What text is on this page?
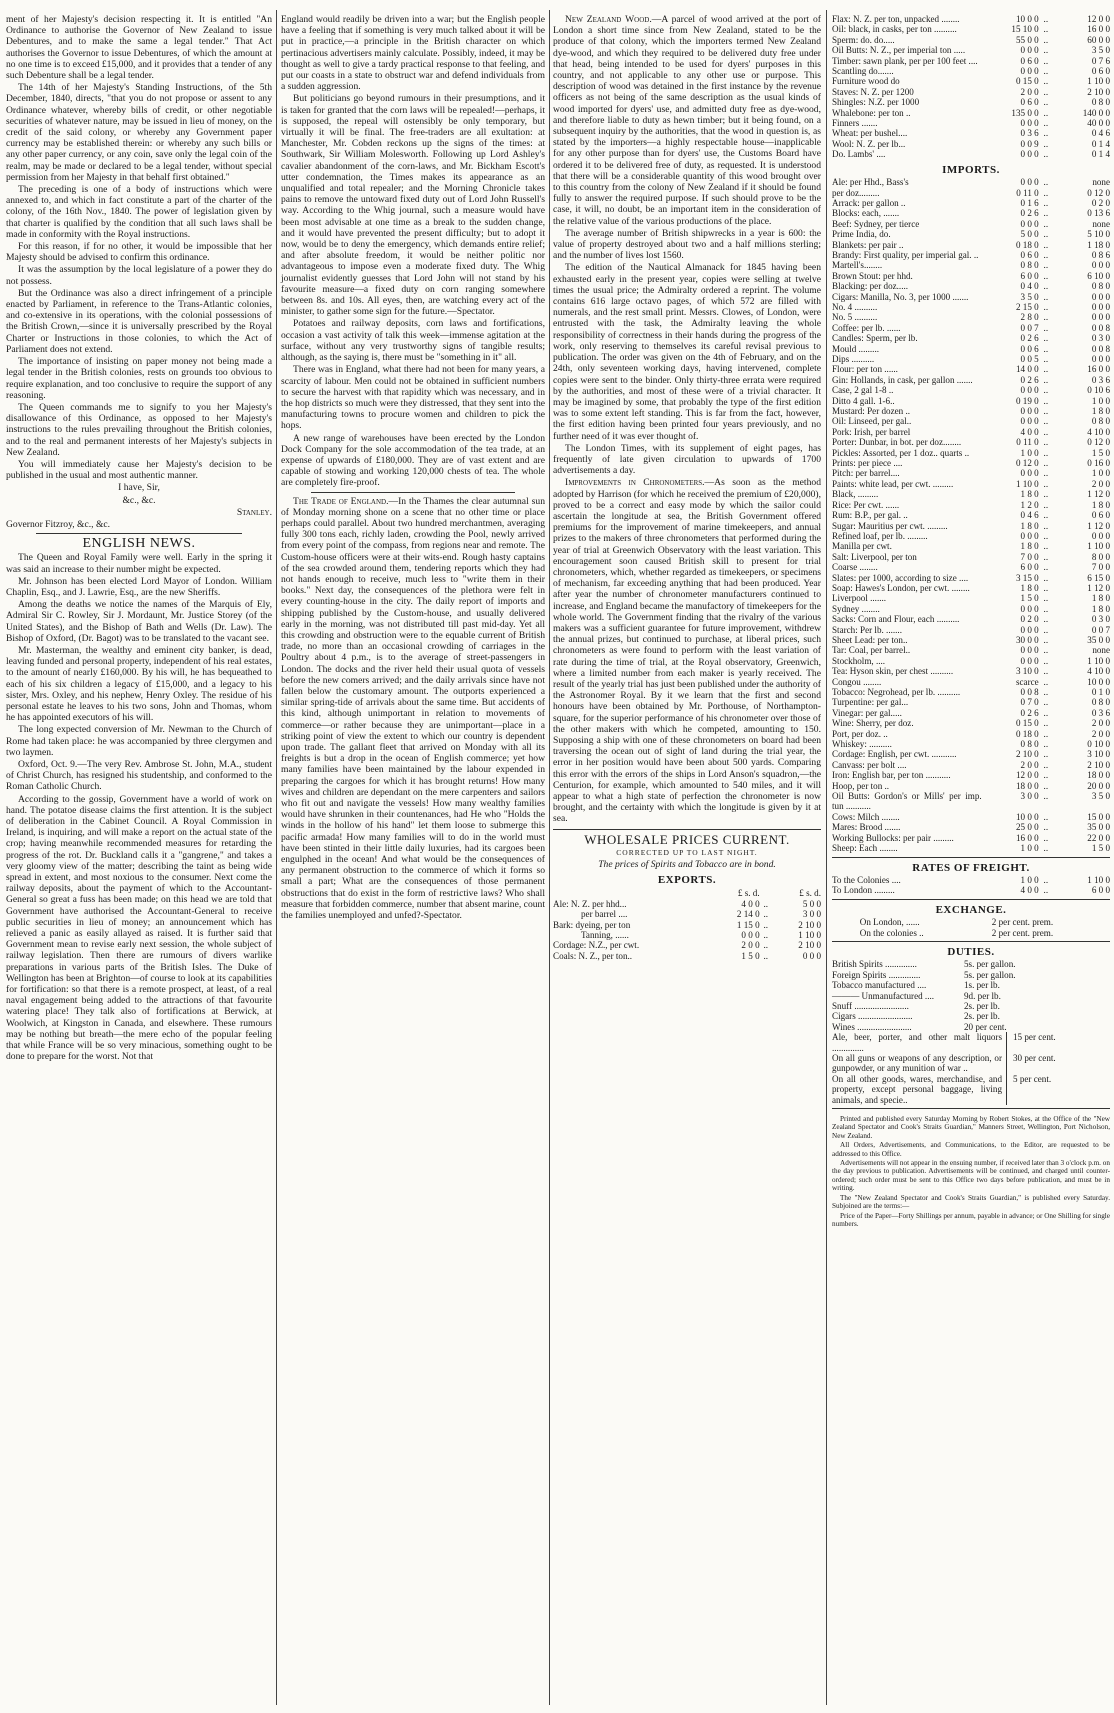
ment of her Majesty's decision respecting it. It is entitled "An Ordinance to authorise the Governor of New Zealand to issue Debentures, and to make the same a legal tender." That Act authorises the Governor to issue Debentures, of which the amount at no one time is to exceed £15,000, and it provides that a tender of any such Debenture shall be a legal tender.

The 14th of her Majesty's Standing Instructions, of the 5th December, 1840, directs, "that you do not propose or assent to any Ordinance whatever, whereby bills of credit, or other negotiable securities of whatever nature, may be issued in lieu of money, on the credit of the said colony, or whereby any Government paper currency may be established therein: or whereby any such bills or any other paper currency, or any coin, save only the legal coin of the realm, may be made or declared to be a legal tender, without special permission from her Majesty in that behalf first obtained."

The preceding is one of a body of instructions which were annexed to, and which in fact constitute a part of the charter of the colony, of the 16th Nov., 1840. The power of legislation given by that charter is qualified by the condition that all such laws shall be made in conformity with the Royal instructions.

For this reason, if for no other, it would be impossible that her Majesty should be advised to confirm this ordinance.

It was the assumption by the local legislature of a power they do not possess.

But the Ordinance was also a direct infringement of a principle enacted by Parliament, in reference to the Trans-Atlantic colonies, and co-extensive in its operations, with the colonial possessions of the British Crown,—since it is universally prescribed by the Royal Charter or Instructions in those colonies, to which the Act of Parliament does not extend.

The importance of insisting on paper money not being made a legal tender in the British colonies, rests on grounds too obvious to require explanation, and too conclusive to require the support of any reasoning.

The Queen commands me to signify to you her Majesty's disallowance of this Ordinance, as opposed to her Majesty's instructions to the rules prevailing throughout the British colonies, and to the real and permanent interests of her Majesty's subjects in New Zealand.

You will immediately cause her Majesty's decision to be published in the usual and most authentic manner.

I have, Sir,

&c., &c.

Stanley.

Governor Fitzroy, &c., &c.

ENGLISH NEWS.

The Queen and Royal Family were well. Early in the spring it was said an increase to their number might be expected.

Mr. Johnson has been elected Lord Mayor of London. William Chaplin, Esq., and J. Lawrie, Esq., are the new Sheriffs.

Among the deaths we notice the names of the Marquis of Ely, Admiral Sir C. Rowley, Sir J. Mordaunt, Mr. Justice Storey (of the United States), and the Bishop of Bath and Wells (Dr. Law). The Bishop of Oxford, (Dr. Bagot) was to be translated to the vacant see.

Mr. Masterman, the wealthy and eminent city banker, is dead, leaving funded and personal property, independent of his real estates, to the amount of nearly £160,000. By his will, he has bequeathed to each of his six children a legacy of £15,000, and a legacy to his sister, Mrs. Oxley, and his nephew, Henry Oxley. The residue of his personal estate he leaves to his two sons, John and Thomas, whom he has appointed executors of his will.

The long expected conversion of Mr. Newman to the Church of Rome had taken place: he was accompanied by three clergymen and two laymen.

Oxford, Oct. 9.—The very Rev. Ambrose St. John, M.A., student of Christ Church, has resigned his studentship, and conformed to the Roman Catholic Church.

According to the gossip, Government have a world of work on hand. The potatoe disease claims the first attention. It is the subject of deliberation in the Cabinet Council. A Royal Commission in Ireland, is inquiring, and will make a report on the actual state of the crop; having meanwhile recommended measures for retarding the progress of the rot. Dr. Buckland calls it a "gangrene," and takes a very gloomy view of the matter; describing the taint as being wide spread in extent, and most noxious to the consumer. Next come the railway deposits, about the payment of which to the Accountant-General so great a fuss has been made; on this head we are told that Government have authorised the Accountant-General to receive public securities in lieu of money; an announcement which has relieved a panic as easily allayed as raised. It is further said that Government mean to revise early next session, the whole subject of railway legislation. Then there are rumours of divers warlike preparations in various parts of the British Isles. The Duke of Wellington has been at Brighton—of course to look at its capabilities for fortification: so that there is a remote prospect, at least, of a real naval engagement being added to the attractions of that favourite watering place! They talk also of fortifications at Berwick, at Woolwich, at Kingston in Canada, and elsewhere. These rumours may be nothing but breath—the mere echo of the popular feeling that while France will be so very minacious, something ought to be done to prepare for the worst. Not that

England would readily be driven into a war; but the English people have a feeling that if something is very much talked about it will be put in practice,—a principle in the British character on which pertinacious advertisers mainly calculate. Possibly, indeed, it may be thought as well to give a tardy practical response to that feeling, and put our coasts in a state to obstruct war and defend individuals from a sudden aggression.

But politicians go beyond rumours in their presumptions, and it is taken for granted that the corn laws will be repealed!—perhaps, it is supposed, the repeal will ostensibly be only temporary, but virtually it will be final. The free-traders are all exultation: at Manchester, Mr. Cobden reckons up the signs of the times: at Southwark, Sir William Molesworth. Following up Lord Ashley's cavalier abandonment of the corn-laws, and Mr. Bickham Escott's utter condemnation, the Times makes its appearance as an unqualified and total repealer; and the Morning Chronicle takes pains to remove the untoward fixed duty out of Lord John Russell's way. According to the Whig journal, such a measure would have been most advisable at one time as a break to the sudden change, and it would have prevented the present difficulty; but to adopt it now, would be to deny the emergency, which demands entire relief; and after absolute freedom, it would be neither politic nor advantageous to impose even a moderate fixed duty. The Whig journalist evidently guesses that Lord John will not stand by his favourite measure—a fixed duty on corn ranging somewhere between 8s. and 10s. All eyes, then, are watching every act of the minister, to gather some sign for the future.—Spectator.

Potatoes and railway deposits, corn laws and fortifications, occasion a vast activity of talk this week—immense agitation at the surface, without any very trustworthy signs of tangible results; although, as the saying is, there must be "something in it" all.

There was in England, what there had not been for many years, a scarcity of labour. Men could not be obtained in sufficient numbers to secure the harvest with that rapidity which was necessary, and in the hop districts so much were they distressed, that they sent into the manufacturing towns to procure women and children to pick the hops.

A new range of warehouses have been erected by the London Dock Company for the sole accommodation of the tea trade, at an expense of upwards of £180,000. They are of vast extent and are capable of stowing and working 120,000 chests of tea. The whole are completely fire-proof.

The Trade of England.—In the Thames the clear autumnal sun of Monday morning shone on a scene that no other time or place perhaps could parallel. About two hundred merchantmen, averaging fully 300 tons each, richly laden, crowding the Pool, newly arrived from every point of the compass, from regions near and remote. The Custom-house officers were at their wits-end. Rough hasty captains of the sea crowded around them, tendering reports which they had not hands enough to receive, much less to "write them in their books." Next day, the consequences of the plethora were felt in every counting-house in the city. The daily report of imports and shipping published by the Custom-house, and usually delivered early in the morning, was not distributed till past mid-day. Yet all this crowding and obstruction were to the equable current of British trade, no more than an occasional crowding of carriages in the Poultry about 4 p.m., is to the average of street-passengers in London. The docks and the river held their usual quota of vessels before the new comers arrived; and the daily arrivals since have not fallen below the customary amount. The outports experienced a similar spring-tide of arrivals about the same time. But accidents of this kind, although unimportant in relation to movements of commerce—or rather because they are unimportant—place in a striking point of view the extent to which our country is dependent upon trade. The gallant fleet that arrived on Monday with all its freights is but a drop in the ocean of English commerce; yet how many families have been maintained by the labour expended in preparing the cargoes for which it has brought returns! How many wives and children are dependant on the mere carpenters and sailors who fit out and navigate the vessels! How many wealthy families would have shrunken in their countenances, had He who "Holds the winds in the hollow of his hand" let them loose to submerge this pacific armada! How many families will to do in the world must have been stinted in their little daily luxuries, had its cargoes been engulphed in the ocean! And what would be the consequences of any permanent obstruction to the commerce of which it forms so small a part; What are the consequences of those permanent obstructions that do exist in the form of restrictive laws? Who shall measure that forbidden commerce, number that absent marine, count the families unemployed and unfed?-Spectator.

New Zealand Wood.—A parcel of wood arrived at the port of London a short time since from New Zealand, stated to be the produce of that colony, which the importers termed New Zealand dye-wood, and which they required to be delivered duty free under that head, being intended to be used for dyers' purposes in this country, and not applicable to any other use or purpose. This description of wood was detained in the first instance by the revenue officers as not being of the same description as the usual kinds of wood imported for dyers' use, and admitted duty free as dye-wood, and therefore liable to duty as hewn timber; but it being found, on a subsequent inquiry by the authorities, that the wood in question is, as stated by the importers—a highly respectable house—inapplicable for any other purpose than for dyers' use, the Customs Board have ordered it to be delivered free of duty, as requested. It is understood that there will be a considerable quantity of this wood brought over to this country from the colony of New Zealand if it should be found fully to answer the required purpose. If such should prove to be the case, it will, no doubt, be an important item in the consideration of the relative value of the various productions of the place.

The average number of British shipwrecks in a year is 600: the value of property destroyed about two and a half millions sterling; and the number of lives lost 1560.

The edition of the Nautical Almanack for 1845 having been exhausted early in the present year, copies were selling at twelve times the usual price; the Admiralty ordered a reprint. The volume contains 616 large octavo pages, of which 572 are filled with numerals, and the rest small print. Messrs. Clowes, of London, were entrusted with the task, the Admiralty leaving the whole responsibility of correctness in their hands during the progress of the work, only reserving to themselves its careful revisal previous to publication. The order was given on the 4th of February, and on the 24th, only seventeen working days, having intervened, complete copies were sent to the binder. Only thirty-three errata were required by the authorities, and most of these were of a trivial character. It may be imagined by some, that probably the type of the first edition was to some extent left standing. This is far from the fact, however, the first edition having been printed four years previously, and no further need of it was ever thought of.

The London Times, with its supplement of eight pages, has frequently of late given circulation to upwards of 1700 advertisements a day.

Improvements in Chronometers.—As soon as the method adopted by Harrison (for which he received the premium of £20,000), proved to be a correct and easy mode by which the sailor could ascertain the longitude at sea, the British Government offered premiums for the improvement of marine timekeepers, and annual prizes to the makers of three chronometers that performed during the year of trial at Greenwich Observatory with the least variation. This encouragement soon caused British skill to present for trial chronometers, which, whether regarded as timekeepers, or specimens of mechanism, far exceeding anything that had been produced. Year after year the number of chronometer manufacturers continued to increase, and England became the manufactory of timekeepers for the whole world. The Government finding that the rivalry of the various makers was a sufficient guarantee for future improvement, withdrew the annual prizes, but continued to purchase, at liberal prices, such chronometers as were found to perform with the least variation of rate during the time of trial, at the Royal observatory, Greenwich, where a limited number from each maker is yearly received. The result of the yearly trial has just been published under the authority of the Astronomer Royal. By it we learn that the first and second honours have been obtained by Mr. Porthouse, of Northampton-square, for the superior performance of his chronometer over those of the other makers with which he competed, amounting to 150. Supposing a ship with one of these chronometers on board had been traversing the ocean out of sight of land during the trial year, the error in her position would have been about 500 yards. Comparing this error with the errors of the ships in Lord Anson's squadron,—the Centurion, for example, which amounted to 540 miles, and it will appear to what a high state of perfection the chronometer is now brought, and the certainty with which the longitude is given by it at sea.

WHOLESALE PRICES CURRENT.
CORRECTED UP TO LAST NIGHT.
The prices of Spirits and Tobacco are in bond.
EXPORTS.
	£ s. d.		£ s. d.
Ale: N. Z. per hhd...	4 0 0	..	5 0 0
per barrel ....	2 14 0	..	3 0 0
Bark: dyeing, per ton	1 15 0	..	2 10 0
Tanning, ......	0 0 0	..	1 10 0
Cordage: N.Z., per cwt.	2 0 0	..	2 10 0
Coals: N. Z., per ton..	1 5 0	..	0 0 0
Flax: N. Z. per ton, unpacked ........	10 0 0	..	12 0 0
Oil: black, in casks, per ton ..........	15 10 0	..	16 0 0
Sperm: do. do.....	55 0 0	..	60 0 0
Oil Butts: N. Z., per imperial ton .....	0 0 0	..	3 5 0
Timber: sawn plank, per per 100 feet ....	0 6 0	..	0 7 6
Scantling do.......	0 0 0	..	0 6 0
Furniture wood do	0 15 0	..	1 10 0
Staves: N. Z. per 1200	2 0 0	..	2 10 0
Shingles: N.Z. per 1000	0 6 0	..	0 8 0
Whalebone: per ton ..	135 0 0	..	140 0 0
Finners .......	0 0 0	..	40 0 0
Wheat: per bushel....	0 3 6	..	0 4 6
Wool: N. Z. per lb...	0 0 9	..	0 1 4
Do. Lambs' ....	0 0 0	..	0 1 4
IMPORTS.
Ale: per Hhd., Bass's	0 0 0	..	none
per doz.........	0 11 0	..	0 12 0
Arrack: per gallon ..	0 1 6	..	0 2 0
Blocks: each, .......	0 2 6	..	0 13 6
Beef: Sydney, per tierce	0 0 0	..	none
Prime India, do.	5 0 0	..	5 10 0
Blankets: per pair ..	0 18 0	..	1 18 0
Brandy: First quality, per imperial gal. ..	0 6 0	..	0 8 6
Martell's........	0 8 0	..	0 0 0
Brown Stout: per hhd.	6 0 0	..	6 10 0
Blacking: per doz.....	0 4 0	..	0 8 0
Cigars: Manilla, No. 3, per 1000 .......	3 5 0	..	0 0 0
No. 4 ..........	2 15 0	..	0 0 0
No. 5 ..........	2 8 0	..	0 0 0
Coffee: per lb. ......	0 0 7	..	0 0 8
Candles: Sperm, per lb.	0 2 6	..	0 3 0
Mould .........	0 0 6	..	0 0 8
Dips ..........	0 0 5	..	0 0 0
Flour: per ton ......	14 0 0	..	16 0 0
Gin: Hollands, in cask, per gallon .......	0 2 6	..	0 3 6
Case, 2 gal 1-8 ..	0 0 0	..	0 10 6
Ditto 4 gall. 1-6..	0 19 0	..	1 0 0
Mustard: Per dozen ..	0 0 0	..	1 8 0
Oil: Linseed, per gal..	0 0 0	..	0 8 0
Pork: Irish, per barrel	4 0 0	..	4 10 0
Porter: Dunbar, in bot. per doz........	0 11 0	..	0 12 0
Pickles: Assorted, per 1 doz.. quarts ..	1 0 0	..	1 5 0
Prints: per piece ....	0 12 0	..	0 16 0
Pitch: per barrel....	0 0 0	..	1 0 0
Paints: white lead, per cwt. .........	1 10 0	..	2 0 0
Black, .........	1 8 0	..	1 12 0
Rice: Per cwt. ......	1 2 0	..	1 8 0
Rum: B.P., per gal. ..	0 4 6	..	0 6 0
Sugar: Mauritius per cwt. .........	1 8 0	..	1 12 0
Refined loaf, per lb. .........	0 0 0	..	0 0 0
Manilla per cwt.	1 8 0	..	1 10 0
Salt: Liverpool, per ton	7 0 0	..	8 0 0
Coarse ........	6 0 0	..	7 0 0
Slates: per 1000, according to size ....	3 15 0	..	6 15 0
Soap: Hawes's London, per cwt. ........	1 8 0	..	1 12 0
Liverpool .......	1 5 0	..	1 8 0
Sydney ........	0 0 0	..	1 8 0
Sacks: Corn and Flour, each ..........	0 2 0	..	0 3 0
Starch: Per lb. .......	0 0 0	..	0 0 7
Sheet Lead: per ton..	30 0 0	..	35 0 0
Tar: Coal, per barrel..	0 0 0	..	none
Stockholm, ....	0 0 0	..	1 10 0
Tea: Hyson skin, per chest ..........	3 10 0	..	4 10 0
Congou ........	scarce	..	10 0 0
Tobacco: Negrohead, per lb. ..........	0 0 8	..	0 1 0
Turpentine: per gal...	0 7 0	..	0 8 0
Vinegar: per gal.....	0 2 6	..	0 3 6
Wine: Sherry, per doz.	0 15 0	..	2 0 0
Port, per doz. ..	0 18 0	..	2 0 0
Whiskey: ..........	0 8 0	..	0 10 0
Cordage: English, per cwt. ...........	2 10 0	..	3 10 0
Canvass: per bolt ....	2 0 0	..	2 10 0
Iron: English bar, per ton ...........	12 0 0	..	18 0 0
Hoop, per ton ..	18 0 0	..	20 0 0
Oil Butts: Gordon's or Mills' per imp. tun ...........	3 0 0	..	3 5 0
Cows: Milch ........	10 0 0	..	15 0 0
Mares: Brood .......	25 0 0	..	35 0 0
Working Bullocks: per pair .........	16 0 0	..	22 0 0
Sheep: Each ........	1 0 0	..	1 5 0
RATES OF FREIGHT.
To the Colonies ....	1 0 0	..	1 10 0
To London .........	4 0 0	..	6 0 0
EXCHANGE.
On London, ......	2 per cent. prem.
On the colonies ..	2 per cent. prem.
DUTIES.
British Spirits ..............	5s. per gallon.
Foreign Spirits ..............	5s. per gallon.
Tobacco manufactured ....	1s. per lb.
——— Unmanufactured ....	9d. per lb.
Snuff ........................	2s. per lb.
Cigars ........................	2s. per lb.
Wines ........................	20 per cent.
Ale, beer, porter, and other malt liquors ..............	15 per cent.
On all guns or weapons of any description, or gunpowder, or any munition of war ..	30 per cent.
On all other goods, wares, merchandise, and property, except personal baggage, living animals, and specie..	5 per cent.

Printed and published every Saturday Morning by Robert Stokes, at the Office of the "New Zealand Spectator and Cook's Straits Guardian," Manners Street, Wellington, Port Nicholson, New Zealand.

All Orders, Advertisements, and Communications, to the Editor, are requested to be addressed to this Office.

Advertisements will not appear in the ensuing number, if received later than 3 o'clock p.m. on the day previous to publication. Advertisements will be continued, and charged until counter-ordered; such order must be sent to this Office two days before publication, and must be in writing.

The "New Zealand Spectator and Cook's Straits Guardian," is published every Saturday. Subjoined are the terms:—

Price of the Paper—Forty Shillings per annum, payable in advance; or One Shilling for single numbers.
